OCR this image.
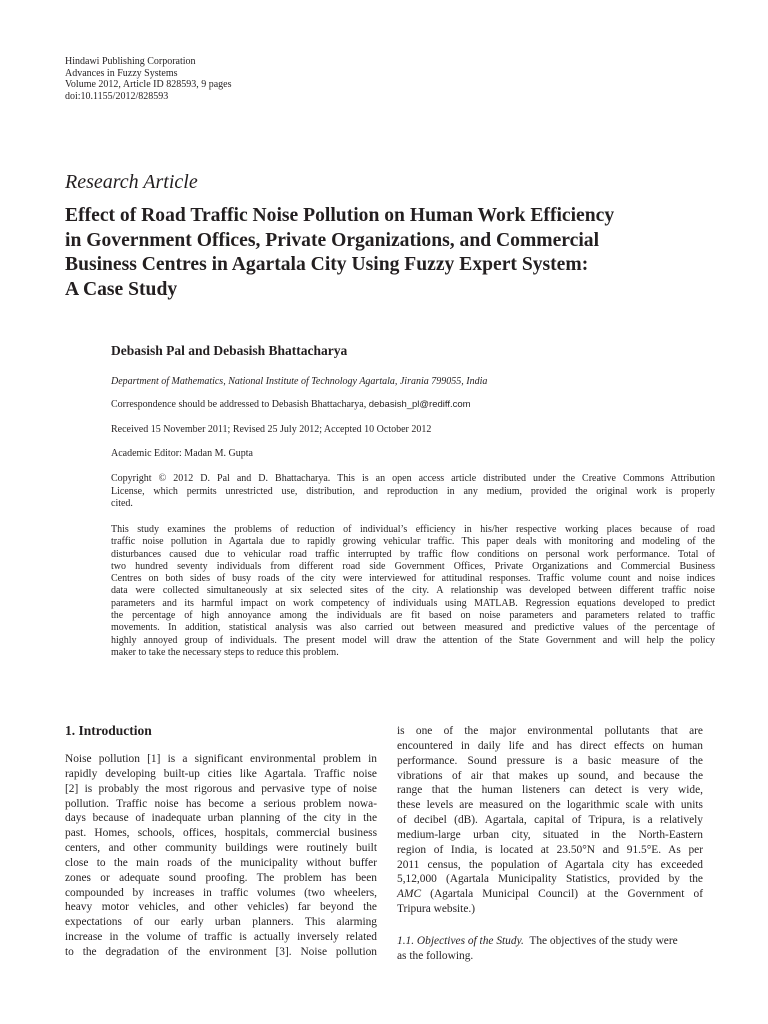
Hindawi Publishing Corporation
Advances in Fuzzy Systems
Volume 2012, Article ID 828593, 9 pages
doi:10.1155/2012/828593
Research Article
Effect of Road Traffic Noise Pollution on Human Work Efficiency
in Government Offices, Private Organizations, and Commercial
Business Centres in Agartala City Using Fuzzy Expert System:
A Case Study
Debasish Pal and Debasish Bhattacharya
Department of Mathematics, National Institute of Technology Agartala, Jirania 799055, India
Correspondence should be addressed to Debasish Bhattacharya, debasish_pl@rediff.com
Received 15 November 2011; Revised 25 July 2012; Accepted 10 October 2012
Academic Editor: Madan M. Gupta
Copyright © 2012 D. Pal and D. Bhattacharya. This is an open access article distributed under the Creative Commons Attribution
License, which permits unrestricted use, distribution, and reproduction in any medium, provided the original work is properly
cited.
This study examines the problems of reduction of individual’s efficiency in his/her respective working places because of road
traffic noise pollution in Agartala due to rapidly growing vehicular traffic. This paper deals with monitoring and modeling of the
disturbances caused due to vehicular road traffic interrupted by traffic flow conditions on personal work performance. Total of
two hundred seventy individuals from different road side Government Offices, Private Organizations and Commercial Business
Centres on both sides of busy roads of the city were interviewed for attitudinal responses. Traffic volume count and noise indices
data were collected simultaneously at six selected sites of the city. A relationship was developed between different traffic noise
parameters and its harmful impact on work competency of individuals using MATLAB. Regression equations developed to predict
the percentage of high annoyance among the individuals are fit based on noise parameters and parameters related to traffic
movements. In addition, statistical analysis was also carried out between measured and predictive values of the percentage of
highly annoyed group of individuals. The present model will draw the attention of the State Government and will help the policy
maker to take the necessary steps to reduce this problem.
1. Introduction
Noise pollution [1] is a significant environmental problem in
rapidly developing built-up cities like Agartala. Traffic noise
[2] is probably the most rigorous and pervasive type of noise
pollution. Traffic noise has become a serious problem nowa-
days because of inadequate urban planning of the city in the
past. Homes, schools, offices, hospitals, commercial business
centers, and other community buildings were routinely built
close to the main roads of the municipality without buffer
zones or adequate sound proofing. The problem has been
compounded by increases in traffic volumes (two wheelers,
heavy motor vehicles, and other vehicles) far beyond the
expectations of our early urban planners. This alarming
increase in the volume of traffic is actually inversely related
to the degradation of the environment [3]. Noise pollution
is one of the major environmental pollutants that are
encountered in daily life and has direct effects on human
performance. Sound pressure is a basic measure of the
vibrations of air that makes up sound, and because the
range that the human listeners can detect is very wide,
these levels are measured on the logarithmic scale with units
of decibel (dB). Agartala, capital of Tripura, is a relatively
medium-large urban city, situated in the North-Eastern
region of India, is located at 23.50°N and 91.5°E. As per
2011 census, the population of Agartala city has exceeded
5,12,000 (Agartala Municipality Statistics, provided by the
AMC (Agartala Municipal Council) at the Government of
Tripura website.)
1.1. Objectives of the Study. The objectives of the study were
as the following.
